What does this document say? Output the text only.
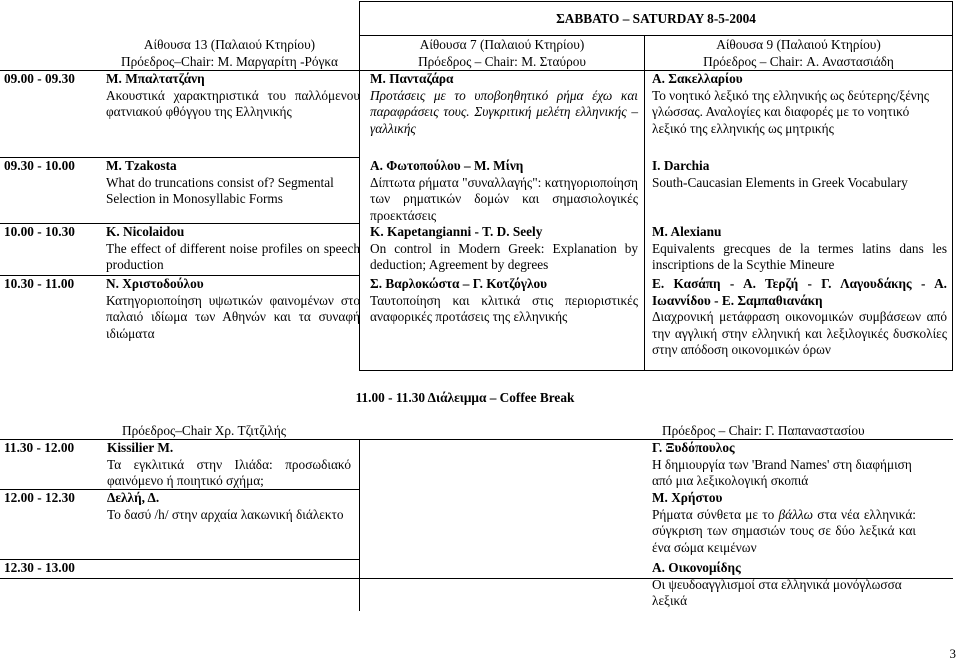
ΣΑΒΒΑΤΟ – SATURDAY 8-5-2004
Αίθουσα 13 (Παλαιού Κτηρίου)
Πρόεδρος–Chair: Μ. Μαργαρίτη -Ρόγκα
09.00 - 09.30 Μ. Μπαλτατζάνη
Ακουστικά χαρακτηριστικά του παλλόμενου φατνιακού φθόγγου της Ελληνικής
09.30 - 10.00 M. Tzakosta
What do truncations consist of? Segmental Selection in Monosyllabic Forms
10.00 - 10.30 K. Nicolaidou
The effect of different noise profiles on speech production
10.30 - 11.00 Ν. Χριστοδούλου
Κατηγοριοποίηση υψωτικών φαινομένων στο παλαιό ιδίωμα των Αθηνών και τα συναφή ιδιώματα
Αίθουσα 7 (Παλαιού Κτηρίου)
Πρόεδρος – Chair: Μ. Σταύρου
Μ. Πανταζάρα
Προτάσεις με το υποβοηθητικό ρήμα έχω και παραφράσεις τους. Συγκριτική μελέτη ελληνικής – γαλλικής
Α. Φωτοπούλου – Μ. Μίνη
Δίπτωτα ρήματα "συναλλαγής": κατηγοριοποίηση των ρηματικών δομών και σημασιολογικές προεκτάσεις
K. Kapetangianni - T. D. Seely
On control in Modern Greek: Explanation by deduction; Agreement by degrees
Σ. Βαρλοκώστα – Γ. Κοτζόγλου
Ταυτοποίηση και κλιτικά στις περιοριστικές αναφορικές προτάσεις της ελληνικής
Αίθουσα 9 (Παλαιού Κτηρίου)
Πρόεδρος – Chair: Α. Αναστασιάδη
Α. Σακελλαρίου
Το νοητικό λεξικό της ελληνικής ως δεύτερης/ξένης γλώσσας. Αναλογίες και διαφορές με το νοητικό λεξικό της ελληνικής ως μητρικής
I. Darchia
South-Caucasian Elements in Greek Vocabulary
M. Alexianu
Equivalents grecques de la termes latins dans les inscriptions de la Scythie Mineure
Ε. Κασάπη - Α. Τερζή - Γ. Λαγουδάκης - Α. Ιωαννίδου - Ε. Σαμπαθιανάκη
Διαχρονική μετάφραση οικονομικών συμβάσεων από την αγγλική στην ελληνική και λεξιλογικές δυσκολίες στην απόδοση οικονομικών όρων
11.00 - 11.30 Διάλειμμα – Coffee Break
Πρόεδρος–Chair Χρ. Τζιτζιλής	Πρόεδρος – Chair: Γ. Παπαναστασίου
11.30 - 12.00 Kissilier M.
Τα εγκλιτικά στην Ιλιάδα: προσωδιακό φαινόμενο ή ποιητικό σχήμα;
12.00 - 12.30 Δελλή, Δ.
Το δασύ /h/ στην αρχαία λακωνική διάλεκτο
12.30 - 13.00
Γ. Ξυδόπουλος
Η δημιουργία των 'Brand Names' στη διαφήμιση από μια λεξικολογική σκοπιά
Μ. Χρήστου
Ρήματα σύνθετα με το βάλλω στα νέα ελληνικά: σύγκριση των σημασιών τους σε δύο λεξικά και ένα σώμα κειμένων
Α. Οικονομίδης
Οι ψευδοαγγλισμοί στα ελληνικά μονόγλωσσα λεξικά
3
